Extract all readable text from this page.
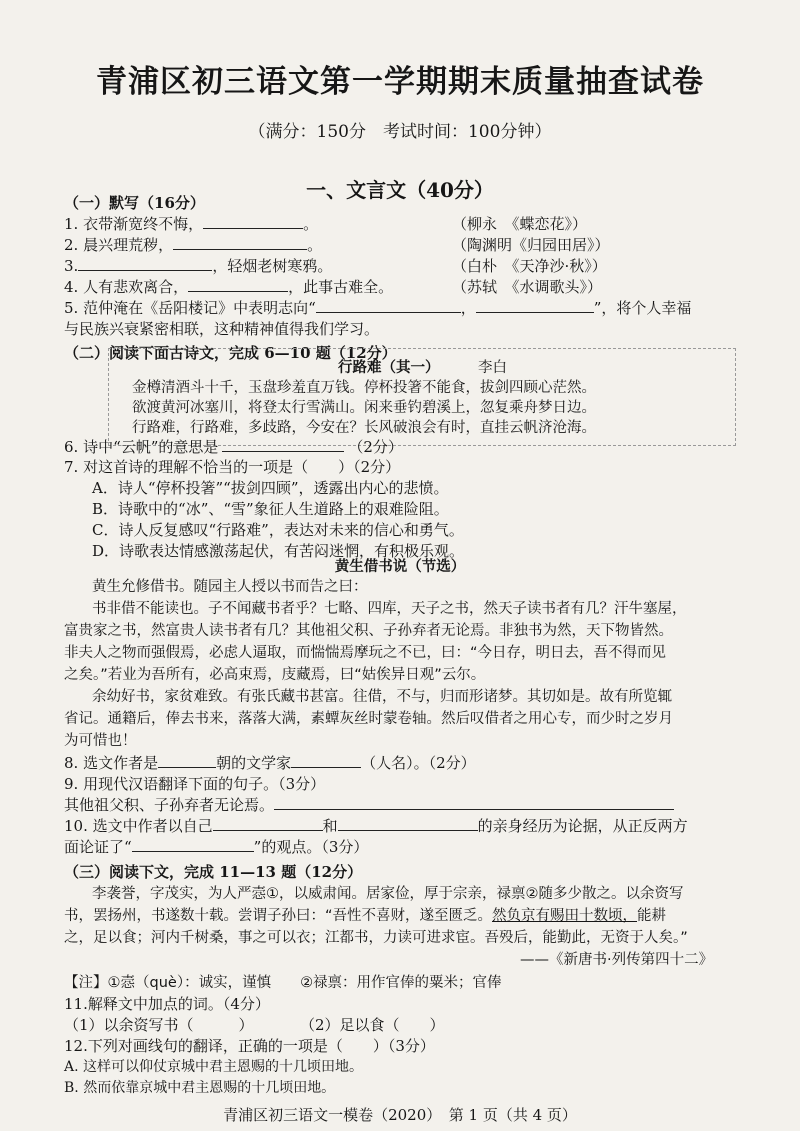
青浦区初三语文第一学期期末质量抽查试卷
（满分：150分　考试时间：100分钟）
一、文言文（40分）
（一）默写（16分）
1. 衣带渐宽终不悔，	。	（柳永　《蝶恋花》）
2. 晨兴理荒秽，	。	（陶渊明《归园田居》）
3.	，轻烟老树寒鸦。	（白朴　《天净沙·秋》）
4. 人有悲欢离合，	，此事古难全。	（苏轼　《水调歌头》）
5. 范仲淹在《岳阳楼记》中表明志向“	，	”，将个人幸福
与民族兴衰紧密相联，这种精神值得我们学习。
（二）阅读下面古诗文，完成 6—10 题（12分）
行路难（其一）	李白
金樽清酒斗十千，玉盘珍羞直万钱。停杯投箸不能食，拔剑四顾心茫然。
欲渡黄河冰塞川，将登太行雪满山。闲来垂钓碧溪上，忽复乘舟梦日边。
行路难，行路难，多歧路，今安在？长风破浪会有时，直挂云帆济沧海。
6. 诗中“云帆”的意思是	（2分）
7. 对这首诗的理解不恰当的一项是（　　）（2分）
A．诗人“停杯投箸”“拔剑四顾”，透露出内心的悲愤。
B．诗歌中的“冰”、“雪”象征人生道路上的艰难险阻。
C．诗人反复感叹“行路难”，表达对未来的信心和勇气。
D．诗歌表达情感激荡起伏，有苦闷迷惘，有积极乐观。
黄生借书说（节选）
黄生允修借书。随园主人授以书而告之曰：
书非借不能读也。子不闻藏书者乎？七略、四库，天子之书，然天子读书者有几？汗牛塞屋，
富贵家之书，然富贵人读书者有几？其他祖父积、子孙弃者无论焉。非独书为然，天下物皆然。
非夫人之物而强假焉，必虑人逼取，而惴惴焉摩玩之不已，曰：“今日存，明日去，吾不得而见
之矣。”若业为吾所有，必高束焉，庋藏焉，曰“姑俟异日观”云尔。
余幼好书，家贫难致。有张氏藏书甚富。往借，不与，归而形诸梦。其切如是。故有所览辄
省记。通籍后，俸去书来，落落大满，素蟫灰丝时蒙卷轴。然后叹借者之用心专，而少时之岁月
为可惜也！
8. 选文作者是	朝的文学家	（人名）。（2分）
9. 用现代汉语翻译下面的句子。（3分）
其他祖父积、子孙弃者无论焉。
10. 选文中作者以自己	和	的亲身经历为论据，从正反两方
面论证了“	”的观点。（3分）
（三）阅读下文，完成 11—13 题（12分）
李袭誉，字茂实，为人严悫①，以威肃闻。居家俭，厚于宗亲，禄禀②随多少散之。以余资写
书，罢扬州，书遂数十载。尝谓子孙曰：“吾性不喜财，遂至匮乏。然负京有赐田十数顷，能耕
之，足以食；河内千树桑，事之可以衣；江都书，力读可进求宦。吾殁后，能勤此，无资于人矣。”
——《新唐书·列传第四十二》
【注】①悫（què）：诚实，谨慎　　②禄禀：用作官俸的粟米；官俸
11.解释文中加点的词。（4分）
（1）以余资写书（　　　）	（2）足以食（　　）
12.下列对画线句的翻译，正确的一项是（　　）（3分）
A. 这样可以仰仗京城中君主恩赐的十几顷田地。
B. 然而依靠京城中君主恩赐的十几顷田地。
青浦区初三语文一模卷（2020）　第 1 页（共 4 页）
